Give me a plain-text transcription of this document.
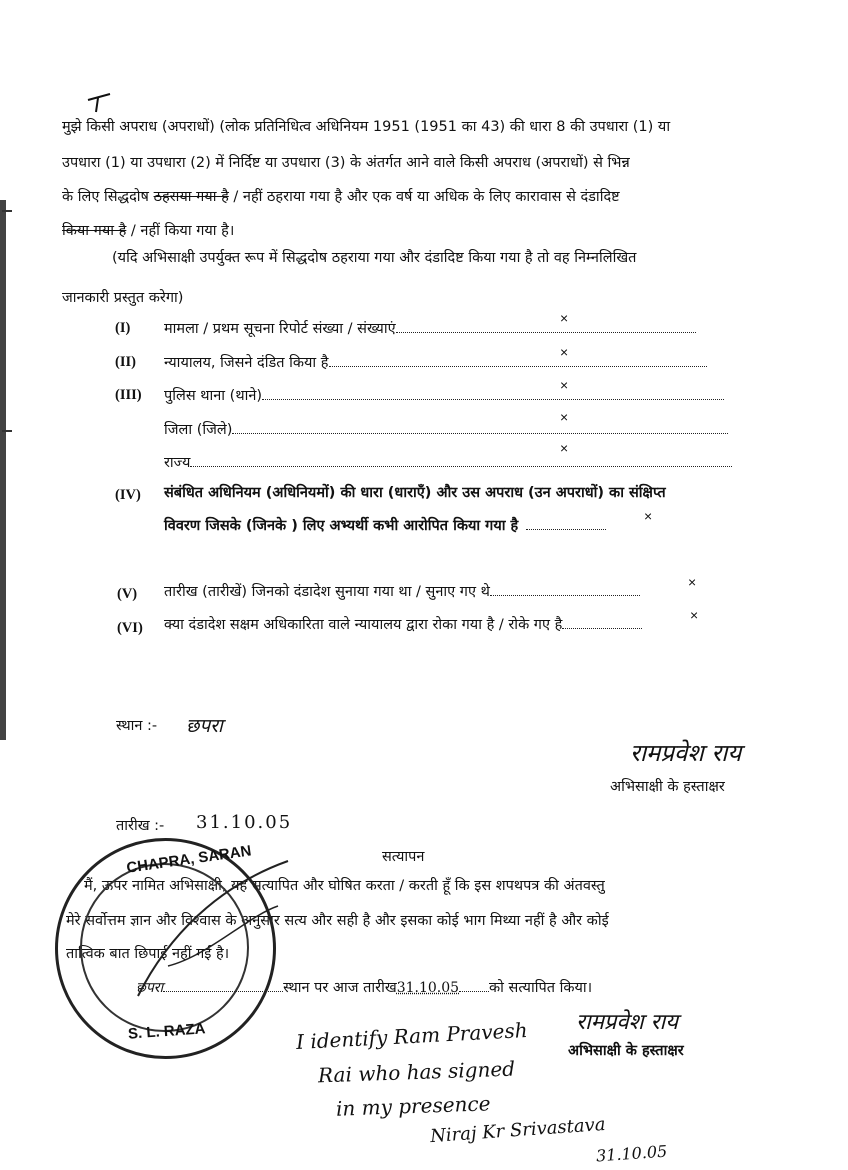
मुझे किसी अपराध (अपराधों) (लोक प्रतिनिधित्व अधिनियम 1951 (1951 का 43) की धारा 8 की उपधारा (1) या
उपधारा (1) या उपधारा (2) में निर्दिष्ट या उपधारा (3) के अंतर्गत आने वाले किसी अपराध (अपराधों) से भिन्न
के लिए सिद्धदोष ठहराया गया है / नहीं ठहराया गया है और एक वर्ष या अधिक के लिए कारावास से दंडादिष्ट
किया गया है / नहीं किया गया है।
(यदि अभिसाक्षी उपर्युक्त रूप में सिद्धदोष ठहराया गया और दंडादिष्ट किया गया है तो वह निम्नलिखित
जानकारी प्रस्तुत करेगा)
(I) मामला / प्रथम सूचना रिपोर्ट संख्या / संख्याएं
×
(II) न्यायालय, जिसने दंडित किया है
×
(III) पुलिस थाना (थाने)
×
जिला (जिले)
×
राज्य
×
(IV) संबंधित अधिनियम (अधिनियमों) की धारा (धाराएँ) और उस अपराध (उन अपराधों) का संक्षिप्त
विवरण जिसके (जिनके ) लिए अभ्यर्थी कभी आरोपित किया गया है
×
(V) तारीख (तारीखें) जिनको दंडादेश सुनाया गया था / सुनाए गए थे
×
(VI) क्या दंडादेश सक्षम अधिकारिता वाले न्यायालय द्वारा रोका गया है / रोके गए है
×
स्थान :- छपरा
रामप्रवेश राय
अभिसाक्षी के हस्ताक्षर
तारीख :- 31.10.05
सत्यापन
मैं, ऊपर नामित अभिसाक्षी, यह सत्यापित और घोषित करता / करती हूँ कि इस शपथपत्र की अंतवस्तु
मेरे सर्वोत्तम ज्ञान और विश्वास के अनुसार सत्य और सही है और इसका कोई भाग मिथ्या नहीं है और कोई
तात्विक बात छिपाई नहीं गई है।
छपरा	स्थान पर आज तारीख31.10.05 को सत्यापित किया।
CHAPRA, SARAN
S. L. RAZA	रामप्रवेश राय
अभिसाक्षी के हस्ताक्षर
I identify Ram Pravesh
Rai who has signed
in my presence
Niraj Kr Srivastava
31.10.05
